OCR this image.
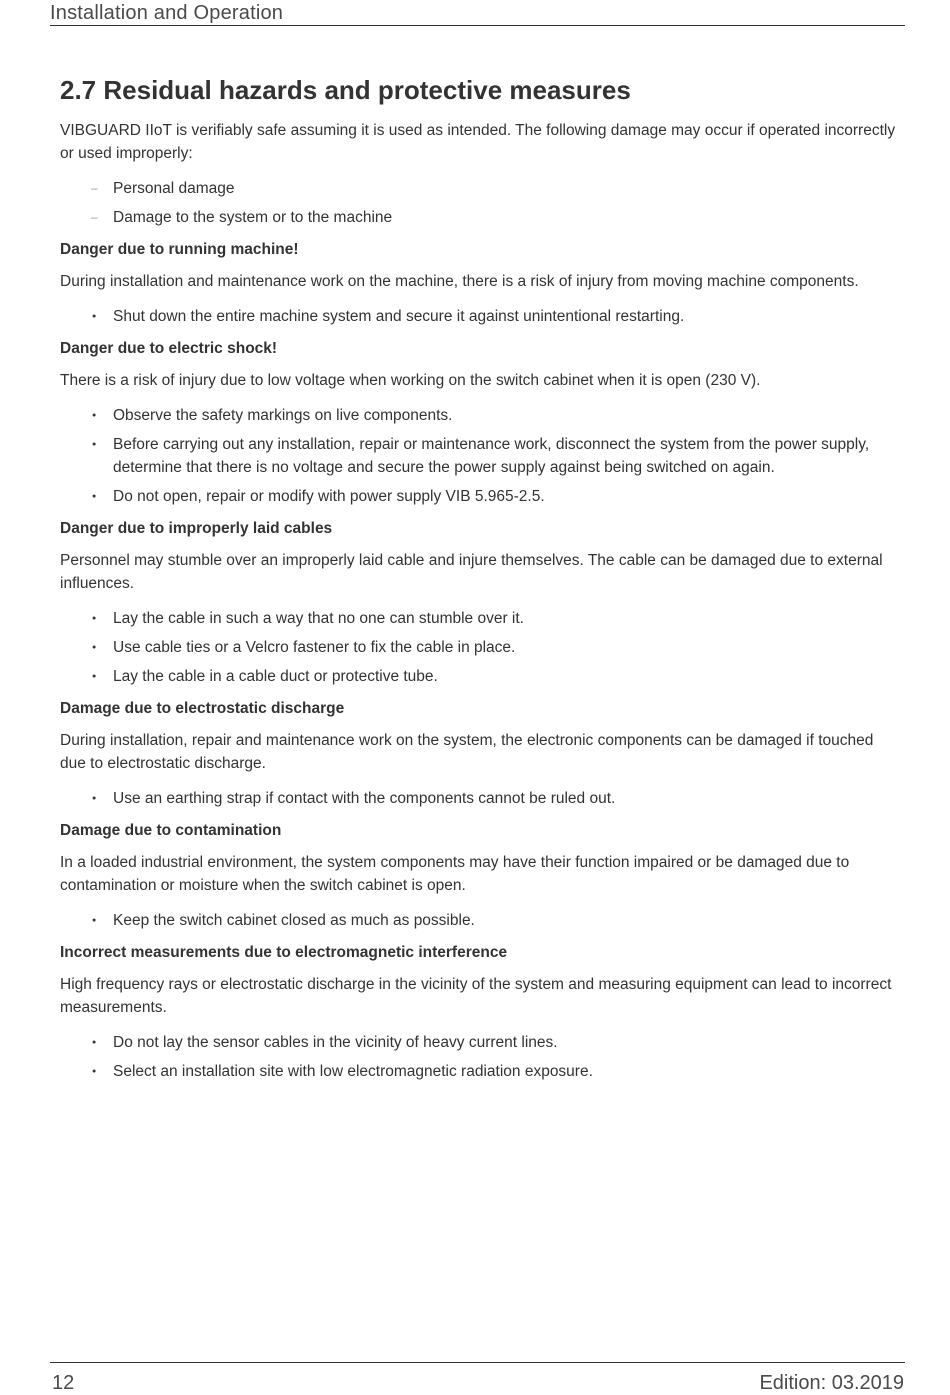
Installation and Operation
2.7 Residual hazards and protective measures

VIBGUARD IIoT is verifiably safe assuming it is used as intended. The following damage may occur if operated incorrectly or used improperly:

– Personal damage
– Damage to the system or to the machine
Danger due to running machine!

During installation and maintenance work on the machine, there is a risk of injury from moving machine components.

● Shut down the entire machine system and secure it against unintentional restarting.
Danger due to electric shock!

There is a risk of injury due to low voltage when working on the switch cabinet when it is open (230 V).

● Observe the safety markings on live components.
● Before carrying out any installation, repair or maintenance work, disconnect the system from the power supply, determine that there is no voltage and secure the power supply against being switched on again.
● Do not open, repair or modify with power supply VIB 5.965-2.5.
Danger due to improperly laid cables

Personnel may stumble over an improperly laid cable and injure themselves. The cable can be damaged due to external influences.

● Lay the cable in such a way that no one can stumble over it.
● Use cable ties or a Velcro fastener to fix the cable in place.
● Lay the cable in a cable duct or protective tube.
Damage due to electrostatic discharge

During installation, repair and maintenance work on the system, the electronic components can be damaged if touched due to electrostatic discharge.

● Use an earthing strap if contact with the components cannot be ruled out.
Damage due to contamination

In a loaded industrial environment, the system components may have their function impaired or be damaged due to contamination or moisture when the switch cabinet is open.

● Keep the switch cabinet closed as much as possible.
Incorrect measurements due to electromagnetic interference

High frequency rays or electrostatic discharge in the vicinity of the system and measuring equipment can lead to incorrect measurements.

● Do not lay the sensor cables in the vicinity of heavy current lines.
● Select an installation site with low electromagnetic radiation exposure.
12	Edition: 03.2019
